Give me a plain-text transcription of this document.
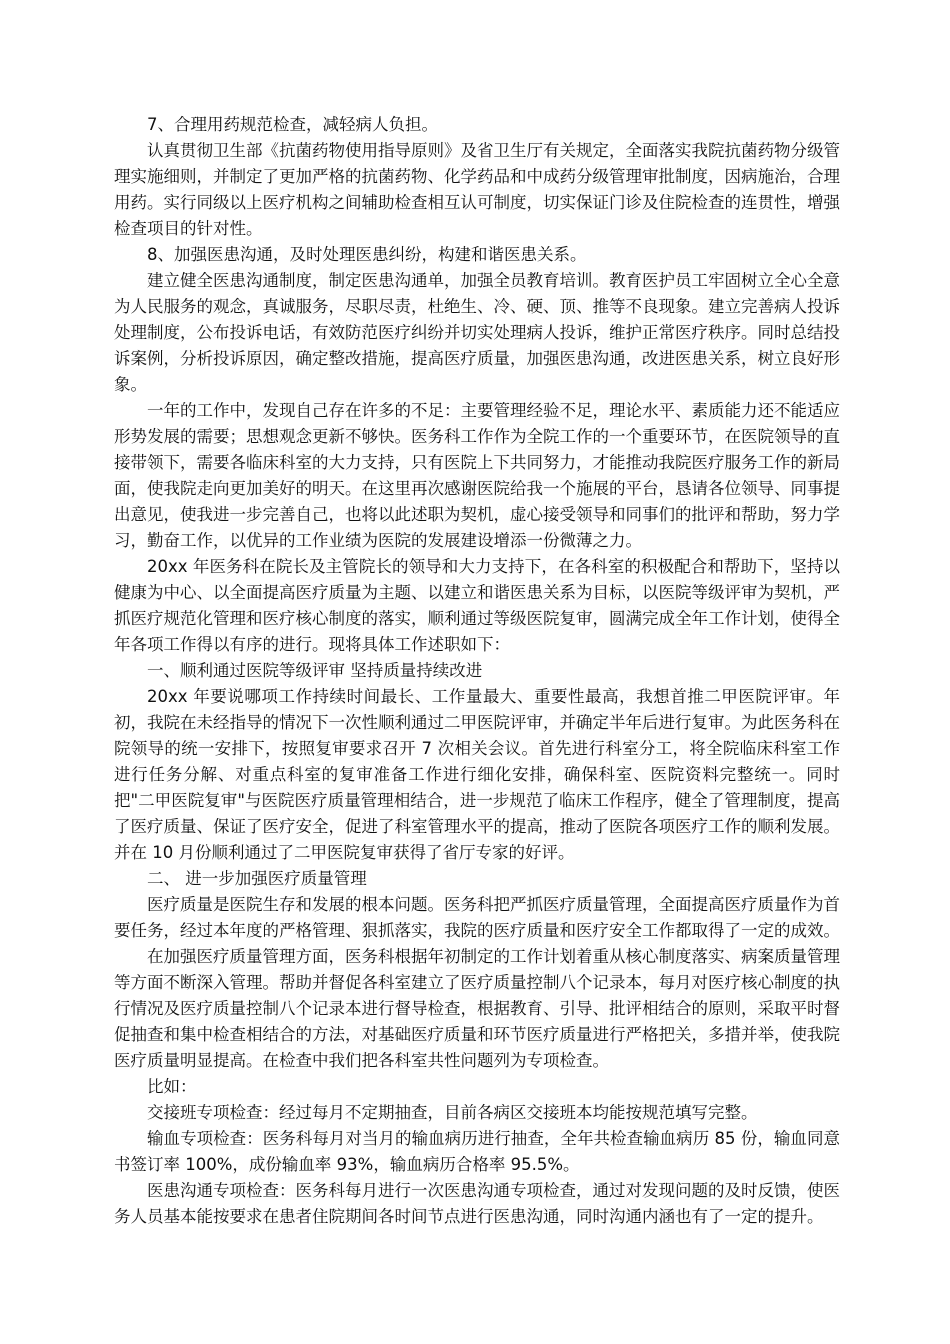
7、合理用药规范检查，减轻病人负担。

认真贯彻卫生部《抗菌药物使用指导原则》及省卫生厅有关规定，全面落实我院抗菌药物分级管理实施细则，并制定了更加严格的抗菌药物、化学药品和中成药分级管理审批制度，因病施治，合理用药。实行同级以上医疗机构之间辅助检查相互认可制度，切实保证门诊及住院检查的连贯性，增强检查项目的针对性。

8、加强医患沟通，及时处理医患纠纷，构建和谐医患关系。

建立健全医患沟通制度，制定医患沟通单，加强全员教育培训。教育医护员工牢固树立全心全意为人民服务的观念，真诚服务，尽职尽责，杜绝生、冷、硬、顶、推等不良现象。建立完善病人投诉处理制度，公布投诉电话，有效防范医疗纠纷并切实处理病人投诉，维护正常医疗秩序。同时总结投诉案例，分析投诉原因，确定整改措施，提高医疗质量，加强医患沟通，改进医患关系，树立良好形象。

一年的工作中，发现自己存在许多的不足：主要管理经验不足，理论水平、素质能力还不能适应形势发展的需要；思想观念更新不够快。医务科工作作为全院工作的一个重要环节，在医院领导的直接带领下，需要各临床科室的大力支持，只有医院上下共同努力，才能推动我院医疗服务工作的新局面，使我院走向更加美好的明天。在这里再次感谢医院给我一个施展的平台，恳请各位领导、同事提出意见，使我进一步完善自己，也将以此述职为契机，虚心接受领导和同事们的批评和帮助，努力学习，勤奋工作，以优异的工作业绩为医院的发展建设增添一份微薄之力。

20xx 年医务科在院长及主管院长的领导和大力支持下，在各科室的积极配合和帮助下，坚持以健康为中心、以全面提高医疗质量为主题、以建立和谐医患关系为目标，以医院等级评审为契机，严抓医疗规范化管理和医疗核心制度的落实，顺利通过等级医院复审，圆满完成全年工作计划，使得全年各项工作得以有序的进行。现将具体工作述职如下：

一、顺利通过医院等级评审 坚持质量持续改进

20xx 年要说哪项工作持续时间最长、工作量最大、重要性最高，我想首推二甲医院评审。年初，我院在未经指导的情况下一次性顺利通过二甲医院评审，并确定半年后进行复审。为此医务科在院领导的统一安排下，按照复审要求召开 7 次相关会议。首先进行科室分工，将全院临床科室工作进行任务分解、对重点科室的复审准备工作进行细化安排，确保科室、医院资料完整统一。同时把"二甲医院复审"与医院医疗质量管理相结合，进一步规范了临床工作程序，健全了管理制度，提高了医疗质量、保证了医疗安全，促进了科室管理水平的提高，推动了医院各项医疗工作的顺利发展。并在 10 月份顺利通过了二甲医院复审获得了省厅专家的好评。

二、 进一步加强医疗质量管理

医疗质量是医院生存和发展的根本问题。医务科把严抓医疗质量管理，全面提高医疗质量作为首要任务，经过本年度的严格管理、狠抓落实，我院的医疗质量和医疗安全工作都取得了一定的成效。

在加强医疗质量管理方面，医务科根据年初制定的工作计划着重从核心制度落实、病案质量管理等方面不断深入管理。帮助并督促各科室建立了医疗质量控制八个记录本，每月对医疗核心制度的执行情况及医疗质量控制八个记录本进行督导检查，根据教育、引导、批评相结合的原则，采取平时督促抽查和集中检查相结合的方法，对基础医疗质量和环节医疗质量进行严格把关，多措并举，使我院医疗质量明显提高。在检查中我们把各科室共性问题列为专项检查。

比如：

交接班专项检查：经过每月不定期抽查，目前各病区交接班本均能按规范填写完整。

输血专项检查：医务科每月对当月的输血病历进行抽查，全年共检查输血病历 85 份，输血同意书签订率 100%，成份输血率 93%，输血病历合格率 95.5%。

医患沟通专项检查：医务科每月进行一次医患沟通专项检查，通过对发现问题的及时反馈，使医务人员基本能按要求在患者住院期间各时间节点进行医患沟通，同时沟通内涵也有了一定的提升。
